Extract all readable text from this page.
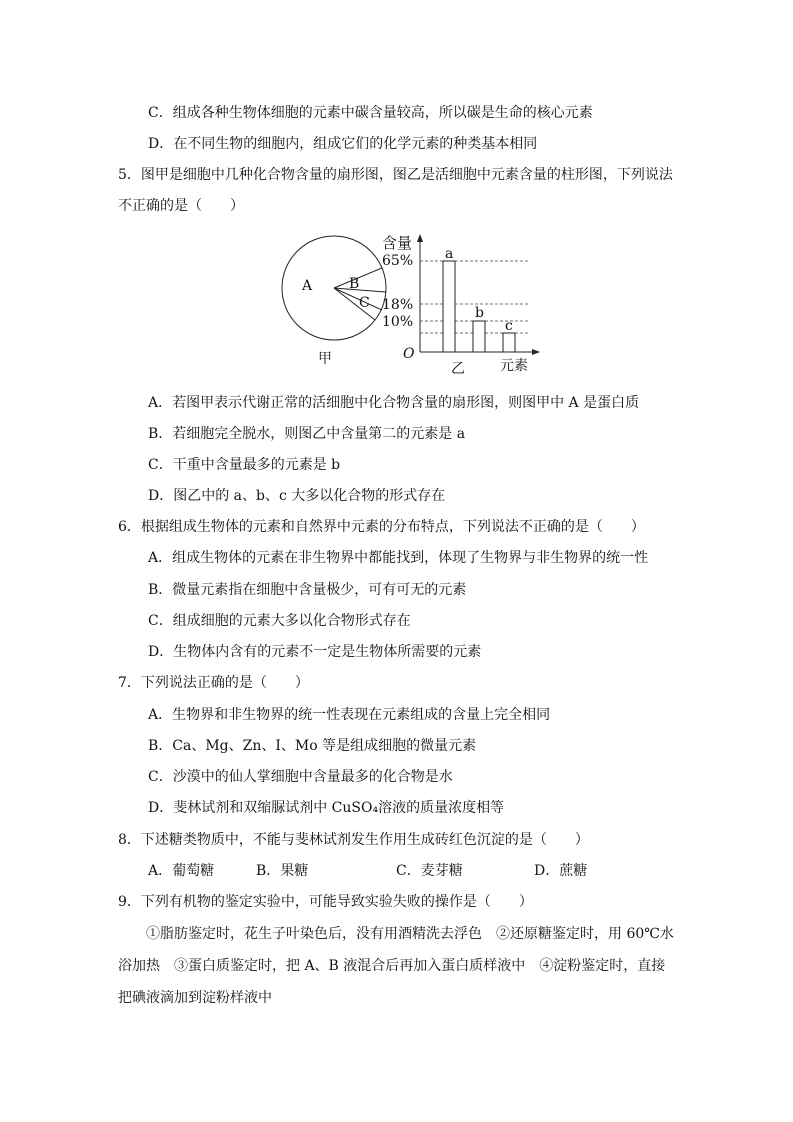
C．组成各种生物体细胞的元素中碳含量较高，所以碳是生命的核心元素
D．在不同生物的细胞内，组成它们的化学元素的种类基本相同
5．图甲是细胞中几种化合物含量的扇形图，图乙是活细胞中元素含量的柱形图，下列说法
不正确的是（　　）
A	B
C
甲
含量
元素
O
65%
18%
10%
a
b
c
乙
A．若图甲表示代谢正常的活细胞中化合物含量的扇形图，则图甲中 A 是蛋白质
B．若细胞完全脱水，则图乙中含量第二的元素是 a
C．干重中含量最多的元素是 b
D．图乙中的 a、b、c 大多以化合物的形式存在
6．根据组成生物体的元素和自然界中元素的分布特点，下列说法不正确的是（　　）
A．组成生物体的元素在非生物界中都能找到，体现了生物界与非生物界的统一性
B．微量元素指在细胞中含量极少，可有可无的元素
C．组成细胞的元素大多以化合物形式存在
D．生物体内含有的元素不一定是生物体所需要的元素
7．下列说法正确的是（　　）
A．生物界和非生物界的统一性表现在元素组成的含量上完全相同
B．Ca、Mg、Zn、I、Mo 等是组成细胞的微量元素
C．沙漠中的仙人掌细胞中含量最多的化合物是水
D．斐林试剂和双缩脲试剂中 CuSO₄溶液的质量浓度相等
8．下述糖类物质中，不能与斐林试剂发生作用生成砖红色沉淀的是（　　）
A．葡萄糖	B．果糖	C．麦芽糖	D．蔗糖
9．下列有机物的鉴定实验中，可能导致实验失败的操作是（　　）
①脂肪鉴定时，花生子叶染色后，没有用酒精洗去浮色　②还原糖鉴定时，用 60℃水
浴加热　③蛋白质鉴定时，把 A、B 液混合后再加入蛋白质样液中　④淀粉鉴定时，直接
把碘液滴加到淀粉样液中
